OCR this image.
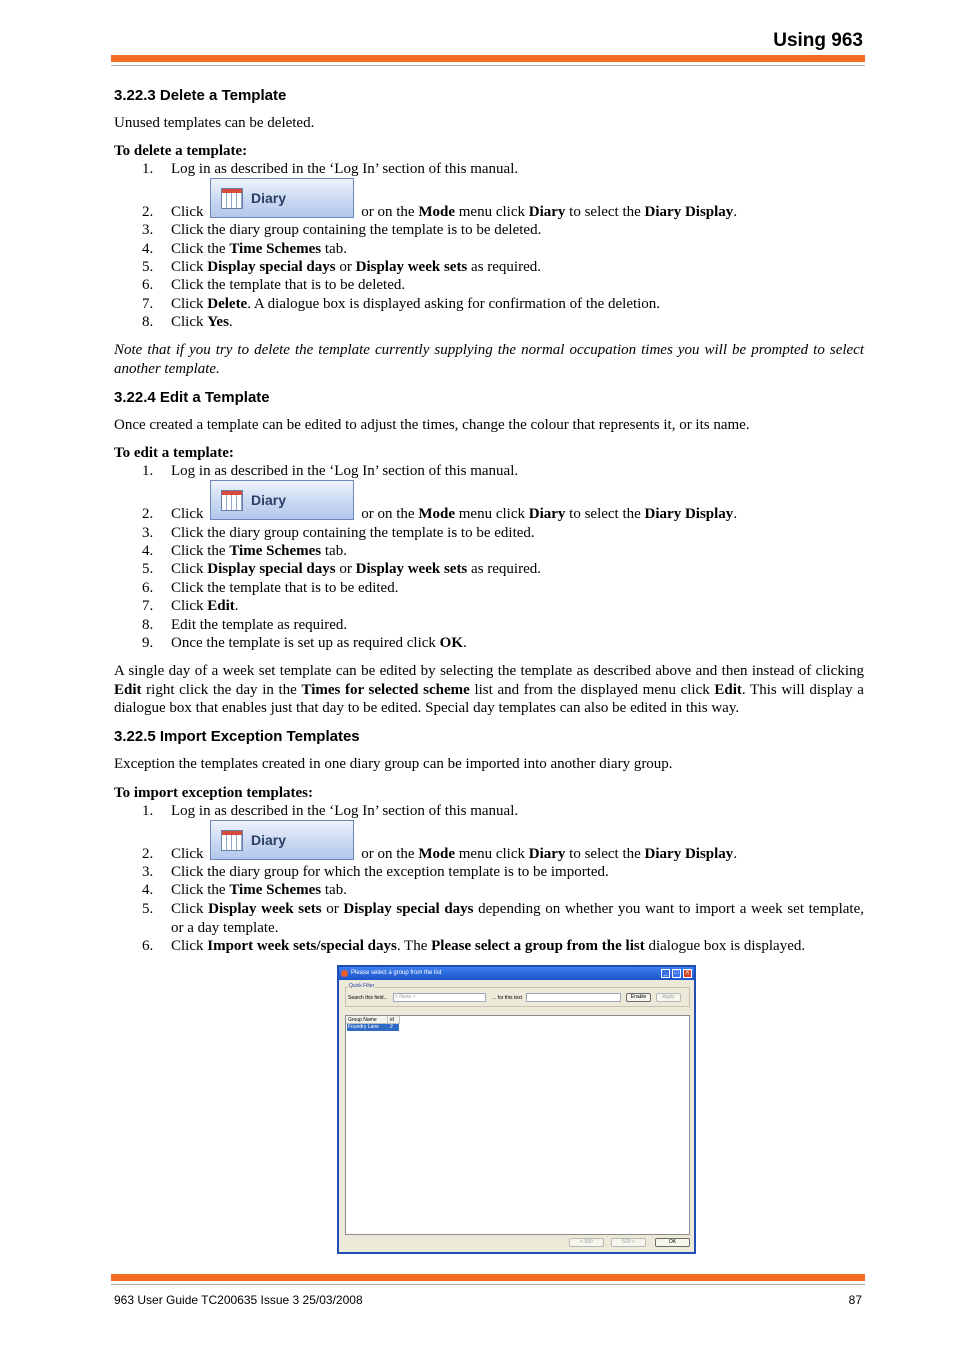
Using 963
3.22.3 Delete a Template
Unused templates can be deleted.
To delete a template:
1. Log in as described in the ‘Log In’ section of this manual.
Diary
2. Click	or on the Mode menu click Diary to select the Diary Display.
3. Click the diary group containing the template is to be deleted.
4. Click the Time Schemes tab.
5. Click Display special days or Display week sets as required.
6. Click the template that is to be deleted.
7. Click Delete. A dialogue box is displayed asking for confirmation of the deletion.
8. Click Yes.
Note that if you try to delete the template currently supplying the normal occupation times you will be prompted to select another template.
3.22.4 Edit a Template
Once created a template can be edited to adjust the times, change the colour that represents it, or its name.
To edit a template:
1. Log in as described in the ‘Log In’ section of this manual.
Diary
2. Click	or on the Mode menu click Diary to select the Diary Display.
3. Click the diary group containing the template is to be edited.
4. Click the Time Schemes tab.
5. Click Display special days or Display week sets as required.
6. Click the template that is to be edited.
7. Click Edit.
8. Edit the template as required.
9. Once the template is set up as required click OK.
A single day of a week set template can be edited by selecting the template as described above and then instead of clicking Edit right click the day in the Times for selected scheme list and from the displayed menu click Edit. This will display a dialogue box that enables just that day to be edited. Special day templates can also be edited in this way.
3.22.5 Import Exception Templates
Exception the templates created in one diary group can be imported into another diary group.
To import exception templates:
1. Log in as described in the ‘Log In’ section of this manual.
Diary
2. Click	or on the Mode menu click Diary to select the Diary Display.
3. Click the diary group for which the exception template is to be imported.
4. Click the Time Schemes tab.
5. Click Display week sets or Display special days depending on whether you want to import a week set template, or a day template.
6. Click Import week sets/special days. The Please select a group from the list dialogue box is displayed.
Please select a group from the list	_	□	X
Quick Filter
Search this field...	< None >	... for this text	Enable	Apply
Group Name	id
Foundry Lane 2
< 500	500 >	OK
963 User Guide TC200635 Issue 3 25/03/2008	87
